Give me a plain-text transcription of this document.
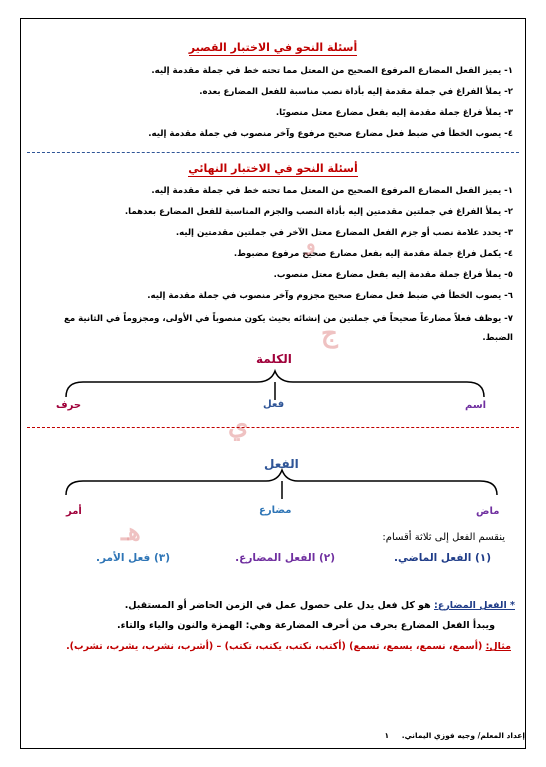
أسئلة النحو في الاختبار القصير
١- يميز الفعل المضارع المرفوع الصحيح من المعتل مما تحته خط في جملة مقدمة إليه.
٢- يملأ الفراغ في جملة مقدمة إليه بأداة نصب مناسبة للفعل المضارع بعده.
٣- يملأ فراغ جملة مقدمة إليه بفعل مضارع معتل منصوبًا.
٤- يصوب الخطأ في ضبط فعل مضارع صحيح مرفوع وآخر منصوب في جملة مقدمة إليه.
أسئلة النحو في الاختبار النهائي
١- يميز الفعل المضارع المرفوع الصحيح من المعتل مما تحته خط في جملة مقدمة إليه.
٢- يملأ الفراغ في جملتين مقدمتين إليه بأداة النصب والجزم المناسبة للفعل المضارع بعدهما.
٣- يحدد علامة نصب أو جزم الفعل المضارع معتل الآخر في جملتين مقدمتين إليه.
٤- يكمل فراغ جملة مقدمة إليه بفعل مضارع صحيح مرفوع مضبوط.
٥- يملأ فراغ جملة مقدمة إليه بفعل مضارع معتل منصوب.
٦- يصوب الخطأ في ضبط فعل مضارع صحيح مجزوم وآخر منصوب في جملة مقدمة إليه.
٧- يوظف فعلاً مضارعاً صحيحاً في جملتين من إنشائه بحيث يكون منصوباً في الأولى، ومجزوماً في الثانية مع الضبط.
و
ج
ي
هـ
الكلمة
حرف	فعل	اسم
الفعل
أمر	مضارع	ماض
ينقسم الفعل إلى ثلاثة أقسام:
(١) الفعل الماضي.
(٢) الفعل المضارع.
(٣) فعل الأمر.
* الفعل المضارع: هو كل فعل يدل على حصول عمل في الزمن الحاضر أو المستقبل.
ويبدأ الفعل المضارع بحرف من أحرف المضارعة وهي: الهمزة والنون والياء والتاء.
مثال: (أسمع، نسمع، يسمع، تسمع) (أكتب، نكتب، يكتب، تكتب) – (أشرب، نشرب، يشرب، تشرب).
إعداد المعلم/ وجيه فوزي اليماني. ١
